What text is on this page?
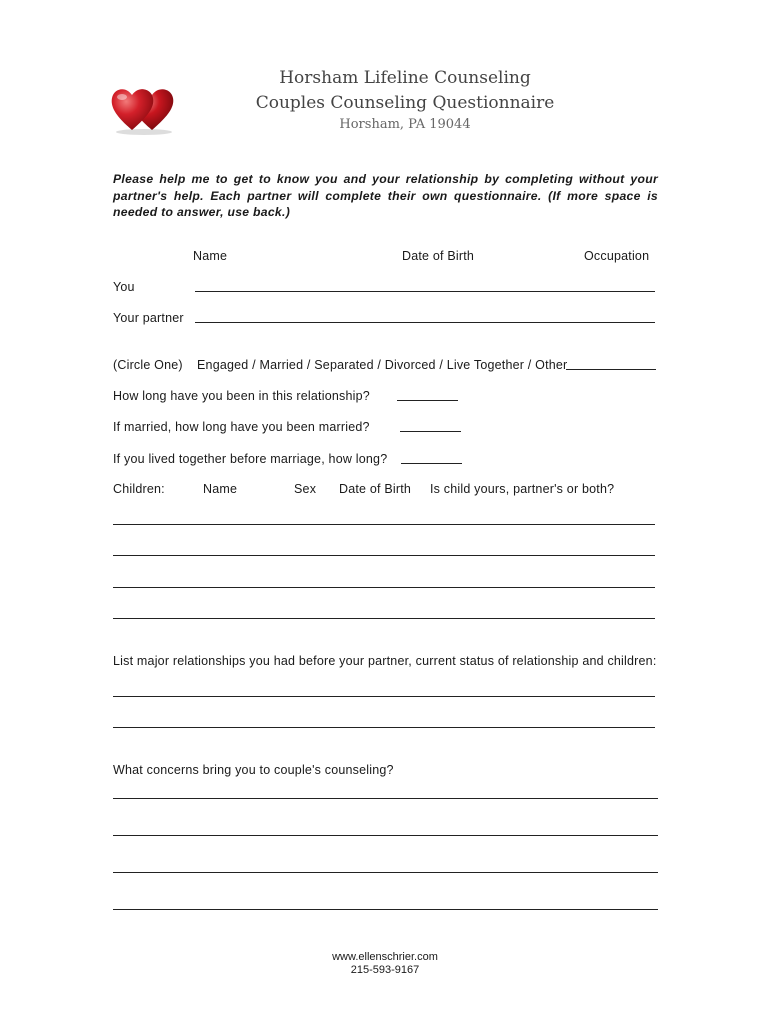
Horsham Lifeline Counseling
Couples Counseling Questionnaire
Horsham, PA 19044
Please help me to get to know you and your relationship by completing without your partner's help. Each partner will complete their own questionnaire. (If more space is needed to answer, use back.)
Name	Date of Birth	Occupation
You
Your partner
(Circle One) Engaged / Married / Separated / Divorced / Live Together / Other
How long have you been in this relationship?
If married, how long have you been married?
If you lived together before marriage, how long?
Children:	Name	Sex Date of Birth Is child yours, partner's or both?
List major relationships you had before your partner, current status of relationship and children:
What concerns bring you to couple's counseling?
www.ellenschrier.com
215-593-9167
